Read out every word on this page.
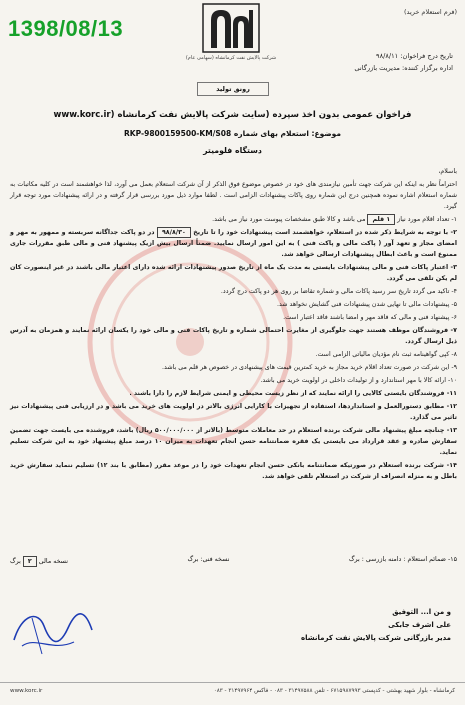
1398/08/13
(فرم استعلام خرید)
شرکت پالایش نفت کرمانشاه (سهامی عام)	تاریخ درج فراخوان: ۹۸/۸/۱۱
اداره برگزار کننده: مدیریت بازرگانی
رونق تولید
فراخوان عمومی بدون اخذ سپرده (سایت شرکت پالایش نفت کرمانشاه (www.korc.ir
موضوع: استعلام بهای شماره RKP-9800159500-KM/S08
دستگاه فلومیتر

باسلام،

احتراماً نظر به اینکه این شرکت جهت تأمین نیازمندی های خود در خصوص موضوع فوق الذکر از آن شرکت استعلام بعمل می آورد، لذا خواهشمند است در کلیه مکاتبات به شماره استعلام اشاره نموده همچنین درج این شماره روی پاکات پیشنهادات الزامی است . لطفا موارد ذیل مورد بررسی قرار گرفته و در ارائه پیشنهادات مورد توجه قرار گیرد.

۱- تعداد اقلام مورد نیاز ۱ قلم می باشد و کالا طبق مشخصات پیوست مورد نیاز می باشد.

۲- با توجه به شرایط ذکر شده در استعلام، خواهشمند است پیشنهادات خود را تا تاریخ ۹۸/۸/۳۰ در دو پاکت جداگانه سربسته و ممهور به مهر و امضای مجاز و تعهد آور ( پاکت مالی و پاکت فنی ) به این امور ارسال نمایید. ضمناً ارسال بیش ازیک پیشنهاد فنی و مالی طبق مقررات جاری ممنوع است و باعث ابطال پیشنهادات ارسالی خواهد شد.

۳- اعتبار پاکات فنی و مالی پیشنهادات بایستی به مدت یک ماه از تاریخ صدور پیشنهادات ارائه شده دارای اعتبار مالی باشند در غیر اینصورت کان لم یکن تلقی می گردد.

۴- تاکید می گردد تاریخ سر رسید پاکات مالی و شماره تقاضا بر روی هر دو پاکت درج گردد.

۵- پیشنهادات مالی تا نهایی شدن پیشنهادات فنی گشایش نخواهد شد.

۶- پیشنهاد فنی و مالی که فاقد مهر و امضا باشند فاقد اعتبار است.

۷- فروشندگان موظف هستند جهت جلوگیری از مغایرت احتمالی شماره و تاریخ پاکات فنی و مالی خود را یکسان ارائه نمایند و همزمان به آدرس ذیل ارسال گردد.

۸- کپی گواهینامه ثبت نام مؤدیان مالیاتی الزامی است.

۹- این شرکت در صورت تعداد اقلام خرید مجاز به خرید کمترین قیمت های پیشنهادی در خصوص هر قلم می باشد.

۱۰- ارائه کالا با مهر استاندارد و از تولیدات داخلی در اولویت خرید می باشد.

۱۱- فروشندگان بایستی کالایی را ارائه نمایند که از نظر زیست محیطی و ایمنی شرایط لازم را دارا باشند .

۱۲- مطابق دستورالعمل و استانداردها، استفاده از تجهیزات با کارایی انرژی بالاتر در اولویت های خرید می باشد و در ارزیابی فنی پیشنهادات نیز تاثیر می گذارد.

۱۳- چنانچه مبلغ پیشنهاد مالی شرکت برنده استعلام در حد معاملات متوسط (بالاتر از ۵۰۰/۰۰۰/۰۰۰ ریال) باشد، فروشنده می بایست جهت تضمین سفارش صادره و عقد قرارداد می بایستی یک فقره ضمانتنامه حسن انجام تعهدات به میزان ۱۰ درصد مبلغ پیشنهاد خود به این شرکت تسلیم نماید.

۱۴- شرکت برنده استعلام در صورتیکه ضمانتنامه بانکی حسن انجام تعهدات خود را در موعد مقرر (مطابق با بند ۱۲) تسلیم ننماید سفارش خرید باطل و به منزله انصراف از شرکت در استعلام تلقی خواهد شد.

۱۵- ضمائم استعلام : دامنه بازرسی : برگ
نسخه فنی: برگ
نسخه مالی ۲ برگ
و من ا... التوفیق
علی اشرف جابکی
مدیر بازرگانی شرکت پالایش نفت کرمانشاه
کرمانشاه - بلوار شهید بهشتی - کدپستی ۶۷۱۵۹۸۷۹۹۳ - تلفن ۳۱۴۹۷۵۸۸ - ۰۸۳ - فاکس ۳۱۴۹۷۹۶۴ - ۰۸۳
www.korc.ir
